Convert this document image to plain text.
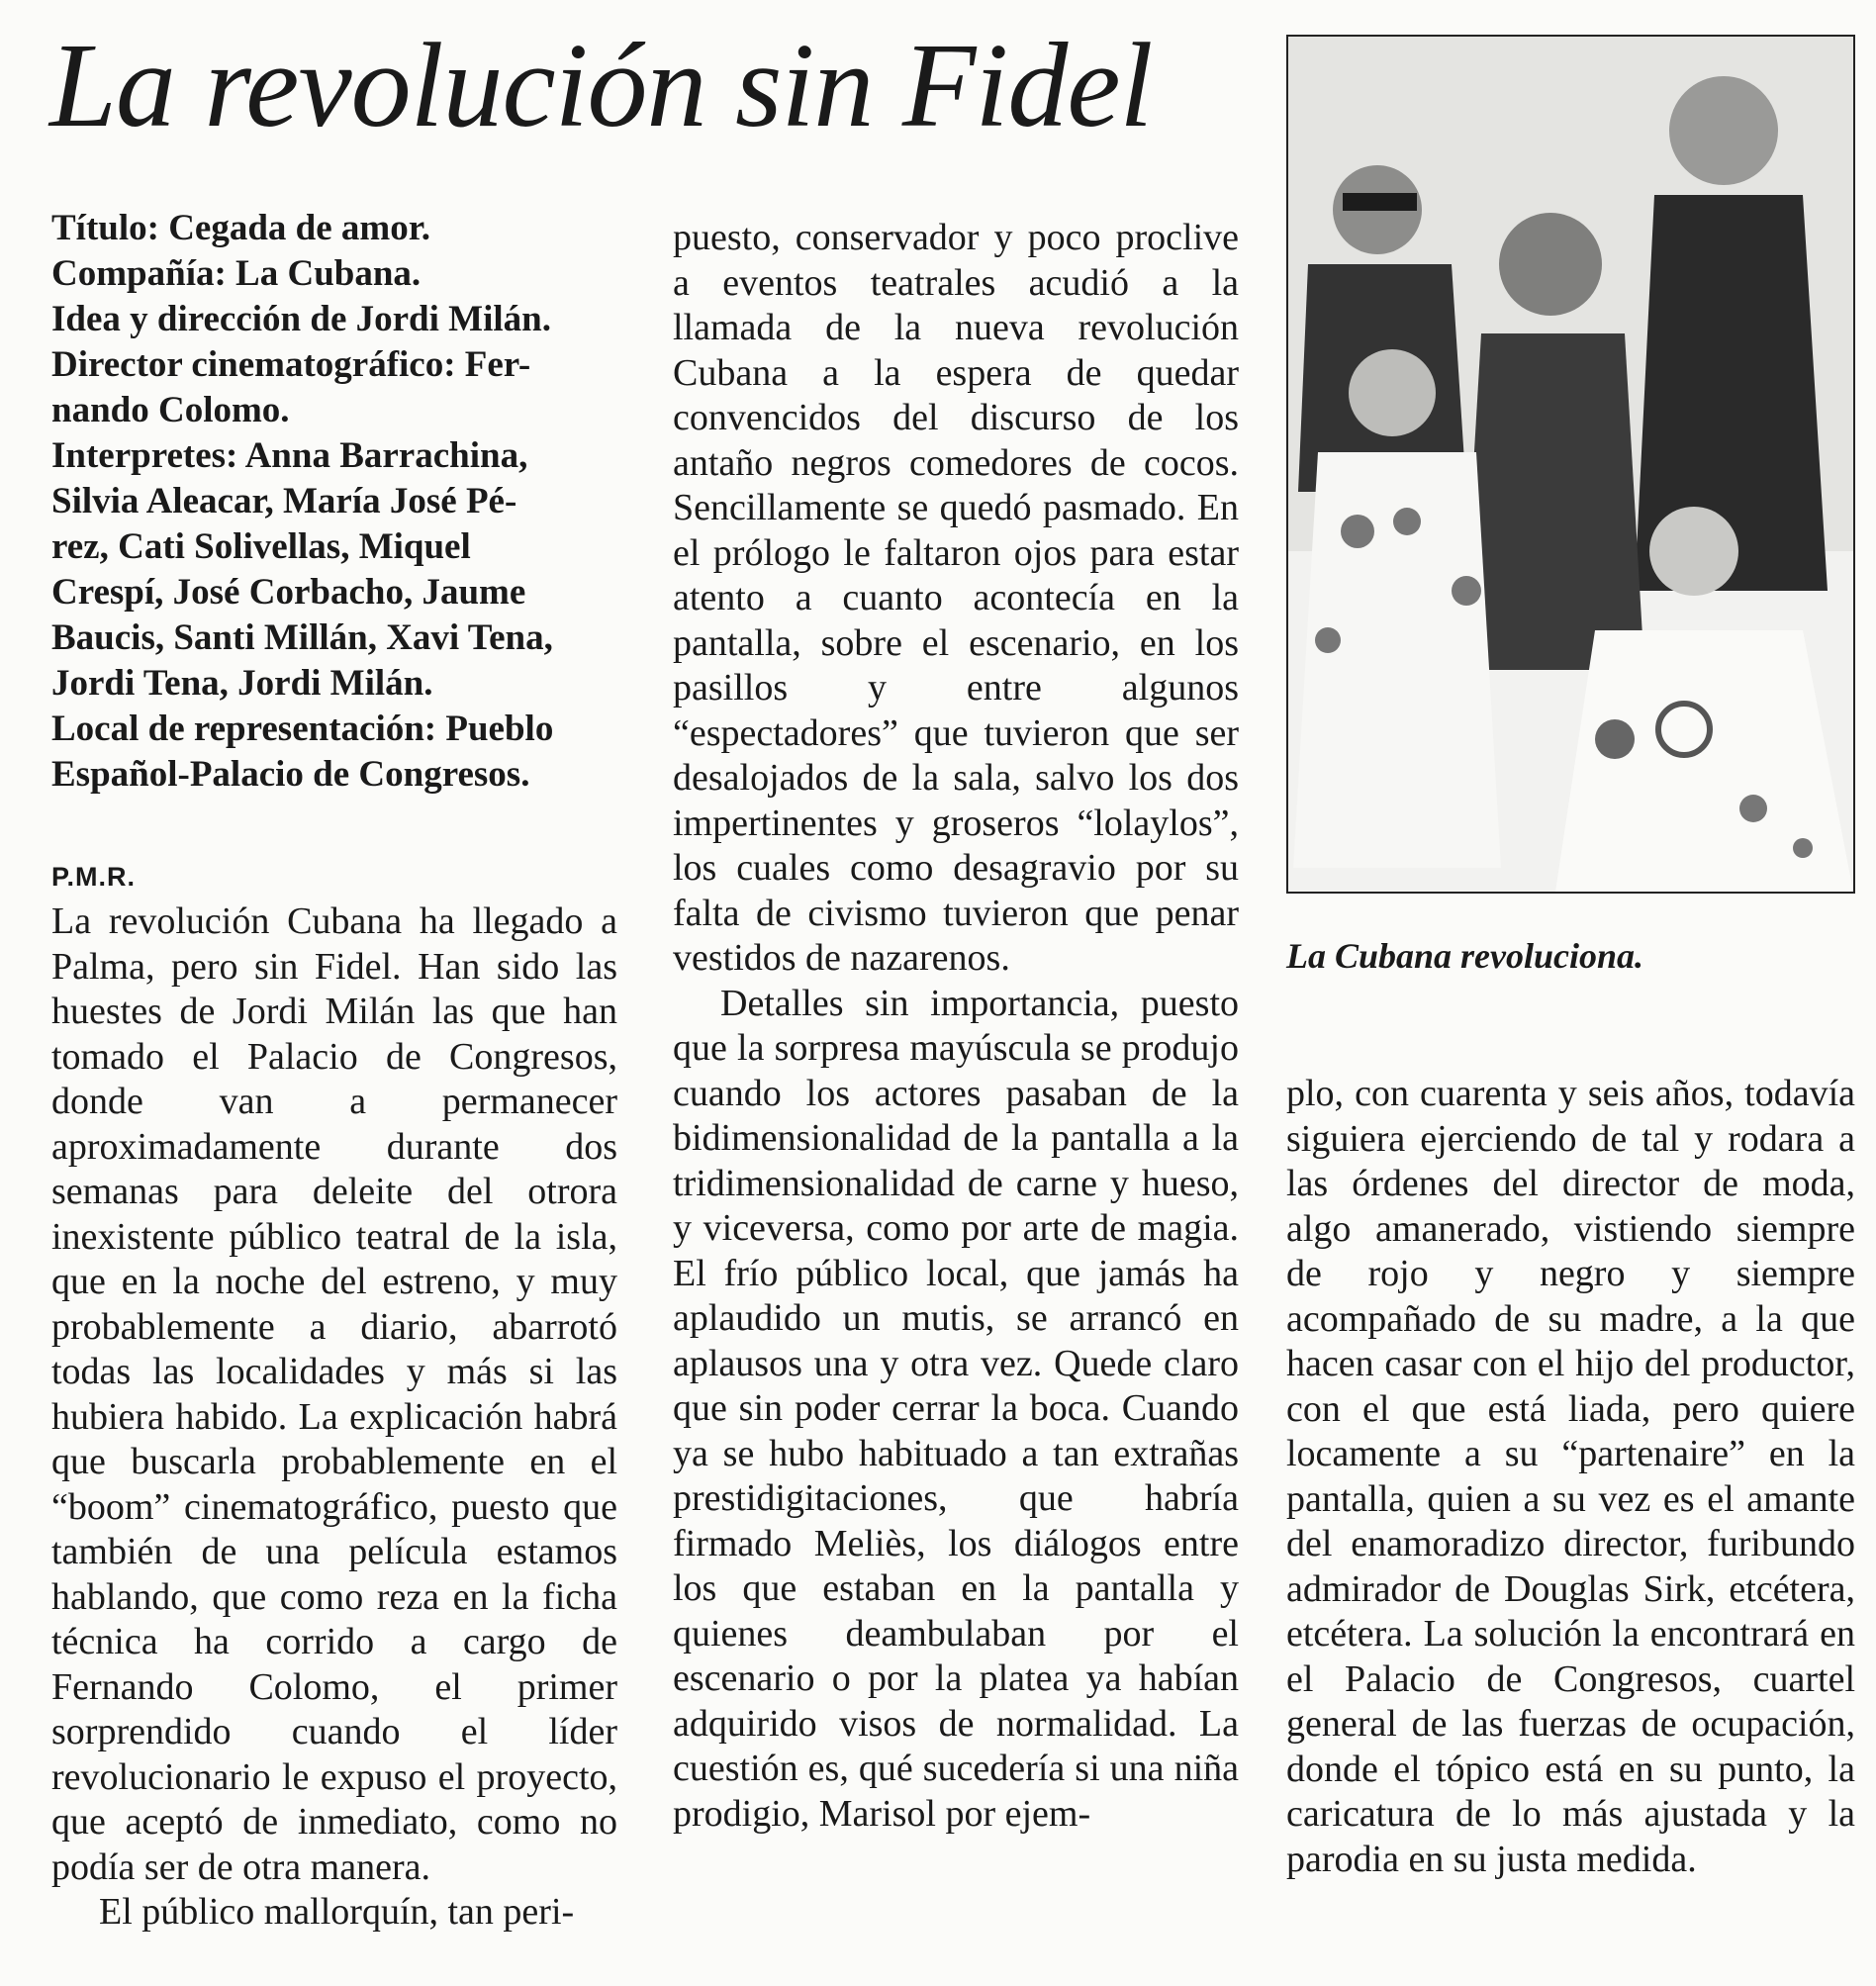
La revolución sin Fidel
Título: Cegada de amor.
Compañía: La Cubana.
Idea y dirección de Jordi Milán.
Director cinematográfico: Fer-
nando Colomo.
Interpretes: Anna Barrachina,
Silvia Aleacar, María José Pé-
rez, Cati Solivellas, Miquel
Crespí, José Corbacho, Jaume
Baucis, Santi Millán, Xavi Tena,
Jordi Tena, Jordi Milán.
Local de representación: Pueblo
Español-Palacio de Congresos.
P.M.R.

La revolución Cubana ha llegado a Palma, pero sin Fidel. Han sido las huestes de Jordi Milán las que han tomado el Palacio de Congresos, donde van a permanecer aproximadamente durante dos semanas para deleite del otrora inexistente público teatral de la isla, que en la noche del estreno, y muy probablemente a diario, abarrotó todas las localidades y más si las hubiera habido. La explicación habrá que buscarla probablemente en el “boom” cinematográfico, puesto que también de una película estamos hablando, que como reza en la ficha técnica ha corrido a cargo de Fernando Colomo, el primer sorprendido cuando el líder revolucionario le expuso el proyecto, que aceptó de inmediato, como no podía ser de otra manera.

El público mallorquín, tan peri-

puesto, conservador y poco proclive a eventos teatrales acudió a la llamada de la nueva revolución Cubana a la espera de quedar convencidos del discurso de los antaño negros comedores de cocos. Sencillamente se quedó pasmado. En el prólogo le faltaron ojos para estar atento a cuanto acontecía en la pantalla, sobre el escenario, en los pasillos y entre algunos “espectadores” que tuvieron que ser desalojados de la sala, salvo los dos impertinentes y groseros “lolaylos”, los cuales como desagravio por su falta de civismo tuvieron que penar vestidos de nazarenos.

Detalles sin importancia, puesto que la sorpresa mayúscula se produjo cuando los actores pasaban de la bidimensionalidad de la pantalla a la tridimensionalidad de carne y hueso, y viceversa, como por arte de magia. El frío público local, que jamás ha aplaudido un mutis, se arrancó en aplausos una y otra vez. Quede claro que sin poder cerrar la boca. Cuando ya se hubo habituado a tan extrañas prestidigitaciones, que habría firmado Meliès, los diálogos entre los que estaban en la pantalla y quienes deambulaban por el escenario o por la platea ya habían adquirido visos de normalidad. La cuestión es, qué sucedería si una niña prodigio, Marisol por ejem-

La Cubana revoluciona.

plo, con cuarenta y seis años, todavía siguiera ejerciendo de tal y rodara a las órdenes del director de moda, algo amanerado, vistiendo siempre de rojo y negro y siempre acompañado de su madre, a la que hacen casar con el hijo del productor, con el que está liada, pero quiere locamente a su “partenaire” en la pantalla, quien a su vez es el amante del enamoradizo director, furibundo admirador de Douglas Sirk, etcétera, etcétera. La solución la encontrará en el Palacio de Congresos, cuartel general de las fuerzas de ocupación, donde el tópico está en su punto, la caricatura de lo más ajustada y la parodia en su justa medida.
